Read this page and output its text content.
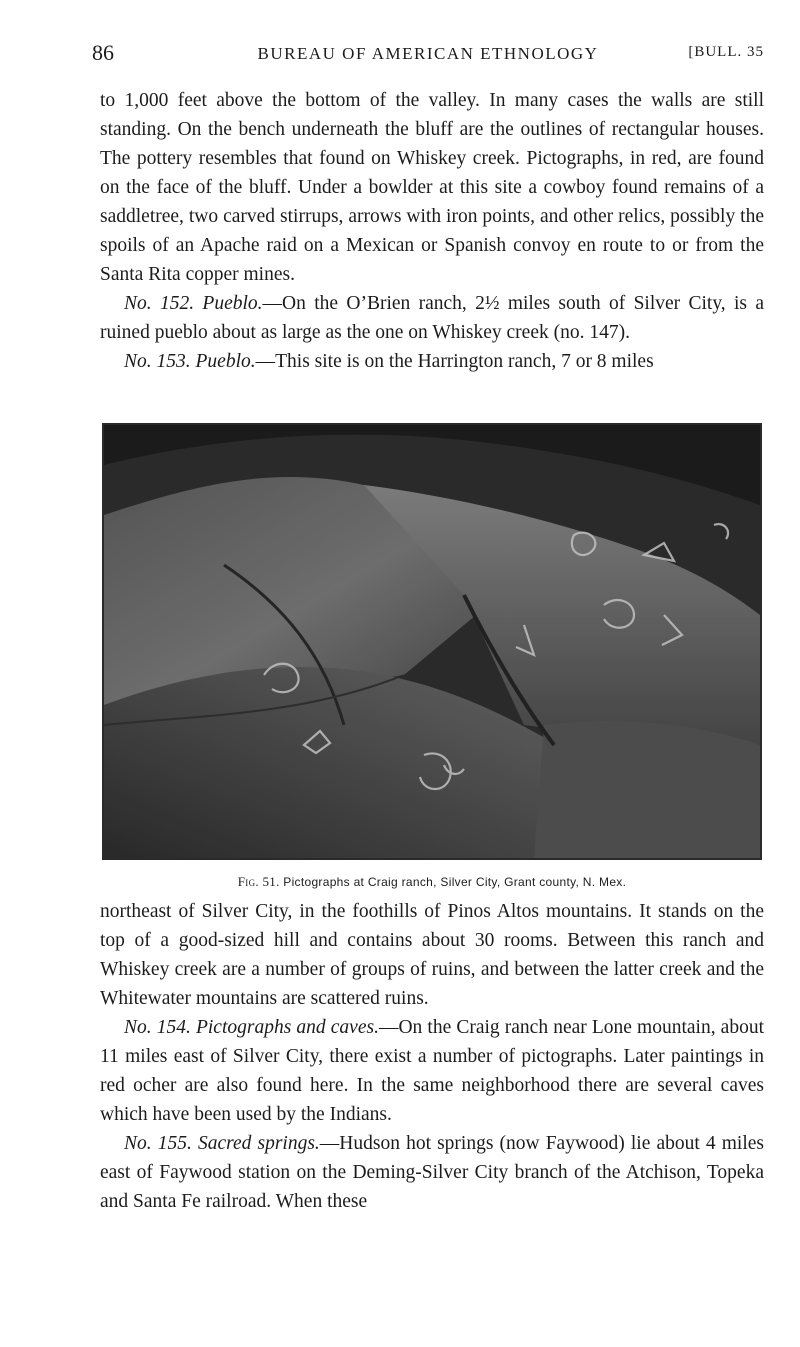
86	BUREAU OF AMERICAN ETHNOLOGY	[BULL. 35

to 1,000 feet above the bottom of the valley. In many cases the walls are still standing. On the bench underneath the bluff are the outlines of rectangular houses. The pottery resembles that found on Whiskey creek. Pictographs, in red, are found on the face of the bluff. Under a bowlder at this site a cowboy found remains of a saddletree, two carved stirrups, arrows with iron points, and other relics, possibly the spoils of an Apache raid on a Mexican or Spanish convoy en route to or from the Santa Rita copper mines.

No. 152. Pueblo.—On the O’Brien ranch, 2½ miles south of Silver City, is a ruined pueblo about as large as the one on Whiskey creek (no. 147).

No. 153. Pueblo.—This site is on the Harrington ranch, 7 or 8 miles

Fig. 51. Pictographs at Craig ranch, Silver City, Grant county, N. Mex.

northeast of Silver City, in the foothills of Pinos Altos mountains. It stands on the top of a good-sized hill and contains about 30 rooms. Between this ranch and Whiskey creek are a number of groups of ruins, and between the latter creek and the Whitewater mountains are scattered ruins.

No. 154. Pictographs and caves.—On the Craig ranch near Lone mountain, about 11 miles east of Silver City, there exist a number of pictographs. Later paintings in red ocher are also found here. In the same neighborhood there are several caves which have been used by the Indians.

No. 155. Sacred springs.—Hudson hot springs (now Faywood) lie about 4 miles east of Faywood station on the Deming-Silver City branch of the Atchison, Topeka and Santa Fe railroad. When these
